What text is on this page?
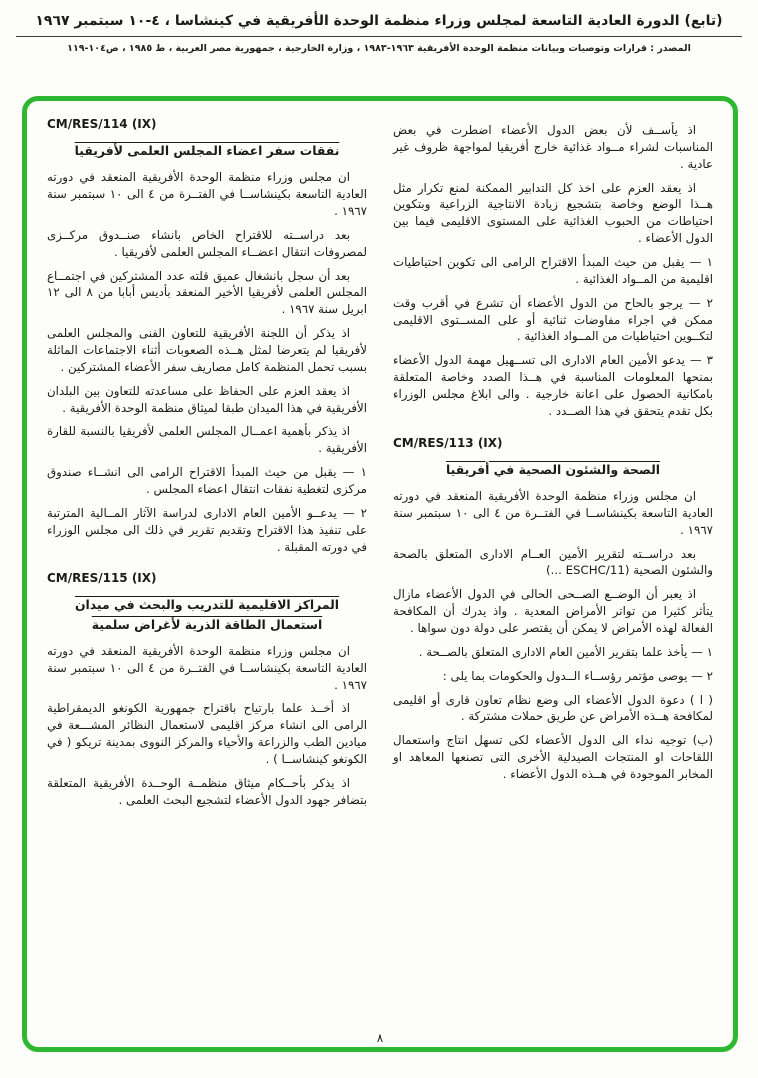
(تابع) الدورة العادية التاسعة لمجلس وزراء منظمة الوحدة الأفريقية في كينشاسا ، ٤-١٠ سبتمبر ١٩٦٧
المصدر : قرارات وتوصيات وبيانات منظمة الوحدة الأفريقية ١٩٦٣-١٩٨٣ ، وزارة الخارجية ، جمهورية مصر العربية ، ط ١٩٨٥ ، ص١٠٤-١١٩

اذ يأســف لأن بعض الدول الأعضاء اضطرت في بعض المناسبات لشراء مــواد غذائية خارج أفريقيا لمواجهة ظروف غير عادية .

اذ يعقد العزم على اخذ كل التدابير الممكنة لمنع تكرار مثل هــذا الوضع وخاصة بتشجيع زيادة الانتاجية الزراعية وبتكوين احتياطات من الحبوب الغذائية على المستوى الاقليمى فيما بين الدول الأعضاء .

١ — يقبل من حيث المبدأ الاقتراح الرامى الى تكوين احتياطيات اقليمية من المــواد الغذائية .

٢ — يرجو بالحاح من الدول الأعضاء أن تشرع في أقرب وقت ممكن في اجراء مفاوضات ثنائية أو على المســتوى الاقليمى لتكــوين احتياطيات من المــواد الغذائية .

٣ — يدعو الأمين العام الادارى الى تســهيل مهمة الدول الأعضاء بمنحها المعلومات المناسبة في هــذا الصدد وخاصة المتعلقة بامكانية الحصول على اعانة خارجية . والى ابلاغ مجلس الوزراء بكل تقدم يتحقق في هذا الصــدد .

CM/RES/113 (IX)
الصحة والشئون الصحية في أفريقيا

ان مجلس وزراء منظمة الوحدة الأفريقية المنعقد في دورته العادية التاسعة بكينشاســا في الفتــرة من ٤ الى ١٠ سبتمبر سنة ١٩٦٧ .

بعد دراســته لتقرير الأمين العــام الادارى المتعلق بالصحة والشئون الصحية (ESCHC/11 ...)

اذ يعبر أن الوضــع الصــحى الحالى في الدول الأعضاء مازال يتأثر كثيرا من تواتر الأمراض المعدية . واذ يدرك أن المكافحة الفعالة لهذه الأمراض لا يمكن أن يقتصر على دولة دون سواها .

١ — يأخذ علما بتقرير الأمين العام الادارى المتعلق بالصــحة .

٢ — يوصى مؤتمر رؤســاء الــدول والحكومات بما يلى :

( ا ) دعوة الدول الأعضاء الى وضع نظام تعاون قارى أو اقليمى لمكافحة هــذه الأمراض عن طريق حملات مشتركة .

(ب) توجيه نداء الى الدول الأعضاء لكى تسهل انتاج واستعمال اللقاحات او المنتجات الصيدلية الأخرى التى تصنعها المعاهد او المخابر الموجودة في هــذه الدول الأعضاء .

CM/RES/114 (IX)
نفقات سفر اعضاء المجلس العلمى لأفريقيا

ان مجلس وزراء منظمة الوحدة الأفريقية المنعقد في دورته العادية التاسعة بكينشاســا في الفتــرة من ٤ الى ١٠ سبتمبر سنة ١٩٦٧ .

بعد دراســته للاقتراح الخاص بانشاء صنــدوق مركــزى لمصروفات انتقال اعضــاء المجلس العلمى لأفريقيا .

بعد أن سجل بانشغال عميق قلته عدد المشتركين في اجتمــاع المجلس العلمى لأفريقيا الأخير المنعقد بأديس أبابا من ٨ الى ١٢ ابريل سنة ١٩٦٧ .

اذ يذكر أن اللجنة الأفريقية للتعاون الفنى والمجلس العلمى لأفريقيا لم يتعرضا لمثل هــذه الصعوبات أثناء الاجتماعات الماثلة بسبب تحمل المنظمة كامل مصاريف سفر الأعضاء المشتركين .

اذ يعقد العزم على الحفاظ على مساعدته للتعاون بين البلدان الأفريقية في هذا الميدان طبقا لميثاق منظمة الوحدة الأفريقية .

اذ يذكر بأهمية اعمــال المجلس العلمى لأفريقيا بالنسبة للقارة الأفريقية .

١ — يقبل من حيث المبدأ الاقتراح الرامى الى انشــاء صندوق مركزى لتغطية نفقات انتقال اعضاء المجلس .

٢ — يدعــو الأمين العام الادارى لدراسة الآثار المــالية المترتبة على تنفيذ هذا الاقتراح وتقديم تقرير في ذلك الى مجلس الوزراء في دورته المقبلة .

CM/RES/115 (IX)
المراكز الاقليمية للتدريب والبحث في ميدان استعمال الطاقة الذرية لأغراض سلمية

ان مجلس وزراء منظمة الوحدة الأفريقية المنعقد في دورته العادية التاسعة بكينشاســا في الفتــرة من ٤ الى ١٠ سبتمبر سنة ١٩٦٧ .

اذ أخــذ علما بارتياح باقتراح جمهورية الكونغو الديمقراطية الرامى الى انشاء مركز اقليمى لاستعمال النظائر المشـــعة في ميادين الطب والزراعة والأحياء والمركز النووى بمدينة تريكو ( في الكونغو كينشاســا ) .

اذ يذكر بأحــكام ميثاق منظمــة الوحــدة الأفريقية المتعلقة بتضافر جهود الدول الأعضاء لتشجيع البحث العلمى .

٨
